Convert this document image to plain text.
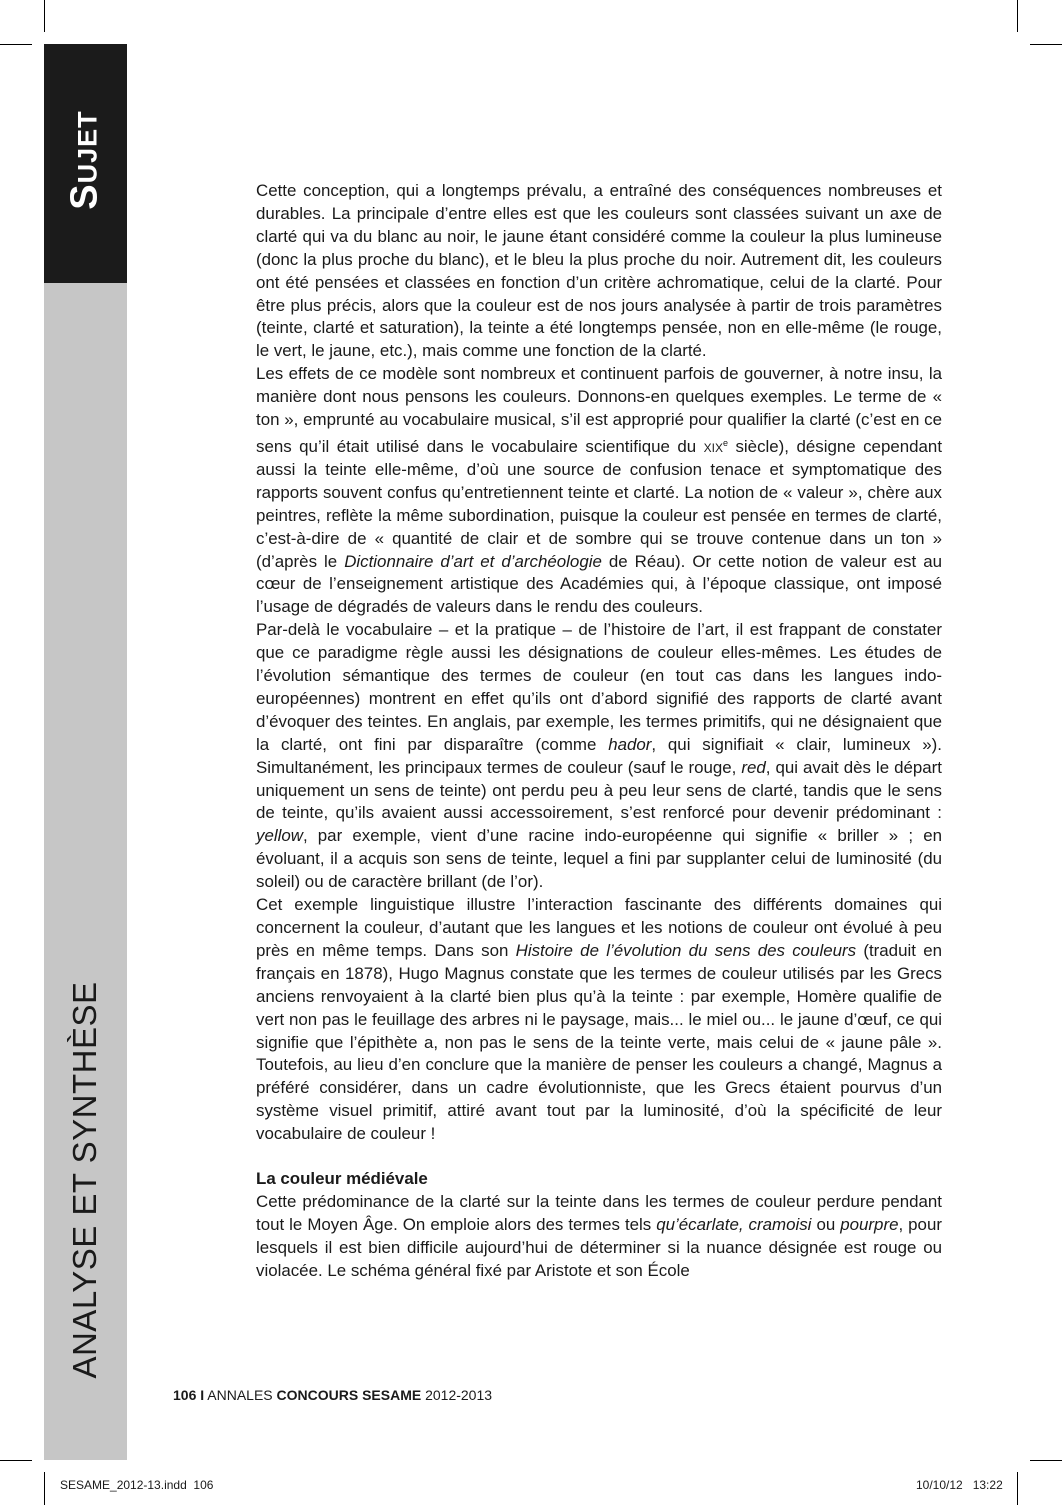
Sujet
ANALYSE ET SYNTHÈSE

Cette conception, qui a longtemps prévalu, a entraîné des conséquences nombreuses et durables. La principale d’entre elles est que les couleurs sont classées suivant un axe de clarté qui va du blanc au noir, le jaune étant considéré comme la couleur la plus lumineuse (donc la plus proche du blanc), et le bleu la plus proche du noir. Autrement dit, les couleurs ont été pensées et classées en fonction d’un critère achromatique, celui de la clarté. Pour être plus précis, alors que la couleur est de nos jours analysée à partir de trois paramètres (teinte, clarté et saturation), la teinte a été longtemps pensée, non en elle-même (le rouge, le vert, le jaune, etc.), mais comme une fonction de la clarté.

Les effets de ce modèle sont nombreux et continuent parfois de gouverner, à notre insu, la manière dont nous pensons les couleurs. Donnons-en quelques exemples. Le terme de « ton », emprunté au vocabulaire musical, s’il est approprié pour qualifier la clarté (c’est en ce sens qu’il était utilisé dans le vocabulaire scientifique du xix$^e$ siècle), désigne cependant aussi la teinte elle-même, d’où une source de confusion tenace et symptomatique des rapports souvent confus qu’entretiennent teinte et clarté. La notion de « valeur », chère aux peintres, reflète la même subordination, puisque la couleur est pensée en termes de clarté, c’est-à-dire de « quantité de clair et de sombre qui se trouve contenue dans un ton » (d’après le Dictionnaire d’art et d’archéologie de Réau). Or cette notion de valeur est au cœur de l’enseignement artistique des Académies qui, à l’époque classique, ont imposé l’usage de dégradés de valeurs dans le rendu des couleurs.

Par-delà le vocabulaire – et la pratique – de l’histoire de l’art, il est frappant de constater que ce paradigme règle aussi les désignations de couleur elles-mêmes. Les études de l’évolution sémantique des termes de couleur (en tout cas dans les langues indo-européennes) montrent en effet qu’ils ont d’abord signifié des rapports de clarté avant d’évoquer des teintes. En anglais, par exemple, les termes primitifs, qui ne désignaient que la clarté, ont fini par disparaître (comme hador, qui signifiait « clair, lumineux »). Simultanément, les principaux termes de couleur (sauf le rouge, red, qui avait dès le départ uniquement un sens de teinte) ont perdu peu à peu leur sens de clarté, tandis que le sens de teinte, qu’ils avaient aussi accessoirement, s’est renforcé pour devenir prédominant : yellow, par exemple, vient d’une racine indo-européenne qui signifie « briller » ; en évoluant, il a acquis son sens de teinte, lequel a fini par supplanter celui de luminosité (du soleil) ou de caractère brillant (de l’or).

Cet exemple linguistique illustre l’interaction fascinante des différents domaines qui concernent la couleur, d’autant que les langues et les notions de couleur ont évolué à peu près en même temps. Dans son Histoire de l’évolution du sens des couleurs (traduit en français en 1878), Hugo Magnus constate que les termes de couleur utilisés par les Grecs anciens renvoyaient à la clarté bien plus qu’à la teinte : par exemple, Homère qualifie de vert non pas le feuillage des arbres ni le paysage, mais... le miel ou... le jaune d’œuf, ce qui signifie que l’épithète a, non pas le sens de la teinte verte, mais celui de « jaune pâle ». Toutefois, au lieu d’en conclure que la manière de penser les couleurs a changé, Magnus a préféré considérer, dans un cadre évolutionniste, que les Grecs étaient pourvus d’un système visuel primitif, attiré avant tout par la luminosité, d’où la spécificité de leur vocabulaire de couleur !

La couleur médiévale

Cette prédominance de la clarté sur la teinte dans les termes de couleur perdure pendant tout le Moyen Âge. On emploie alors des termes tels qu’écarlate, cramoisi ou pourpre, pour lesquels il est bien difficile aujourd’hui de déterminer si la nuance désignée est rouge ou violacée. Le schéma général fixé par Aristote et son École

106 I ANNALES CONCOURS SESAME 2012-2013
SESAME_2012-13.indd  106	10/10/12   13:22
